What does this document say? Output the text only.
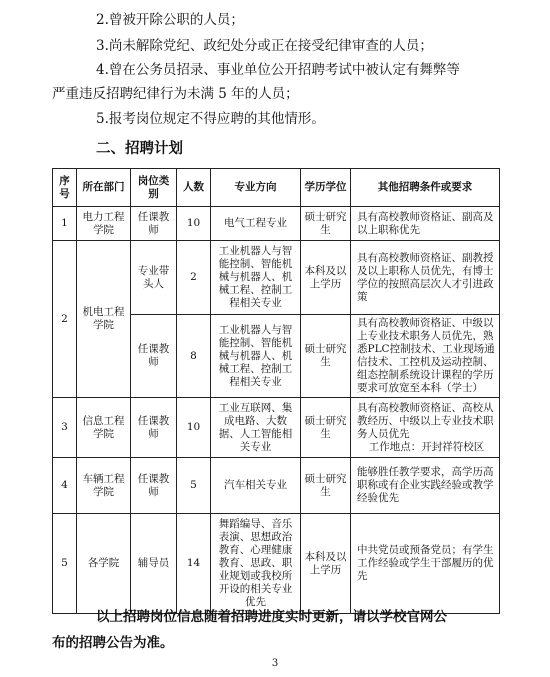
2.曾被开除公职的人员；
3.尚未解除党纪、政纪处分或正在接受纪律审查的人员；
4.曾在公务员招录、事业单位公开招聘考试中被认定有舞弊等
严重违反招聘纪律行为未满 5 年的人员；
5.报考岗位规定不得应聘的其他情形。
二、招聘计划
序号	所在部门	岗位类别	人数	专业方向	学历学位	其他招聘条件或要求
1	电力工程学院	任课教师	10	电气工程专业	硕士研究生	具有高校教师资格证、副高及以上职称优先
2	机电工程学院	专业带头人	2	工业机器人与智能控制、智能机械与机器人、机械工程、控制工程相关专业	本科及以上学历	具有高校教师资格证、副教授及以上职称人员优先，有博士学位的按照高层次人才引进政策
		任课教师	8	工业机器人与智能控制、智能机械与机器人、机械工程、控制工程相关专业	硕士研究生	具有高校教师资格证、中级以上专业技术职务人员优先，熟悉PLC控制技术、工业现场通信技术、工控机及运动控制、组态控制系统设计课程的学历要求可放宽至本科（学士）
3	信息工程学院	任课教师	10	工业互联网、集成电路、大数据、人工智能相关专业	硕士研究生	具有高校教师资格证、高校从教经历、中级以上专业技术职务人员优先
工作地点：开封祥符校区

4	车辆工程学院	任课教师	5	汽车相关专业	硕士研究生	能够胜任教学要求，高学历高职称或有企业实践经验或教学经验优先
5	各学院	辅导员	14	舞蹈编导、音乐表演、思想政治教育、心理健康教育、思政、职业规划或我校所开设的相关专业优先	本科及以上学历	中共党员或预备党员；有学生工作经验或学生干部履历的优先
以上招聘岗位信息随着招聘进度实时更新，请以学校官网公
布的招聘公告为准。
3
